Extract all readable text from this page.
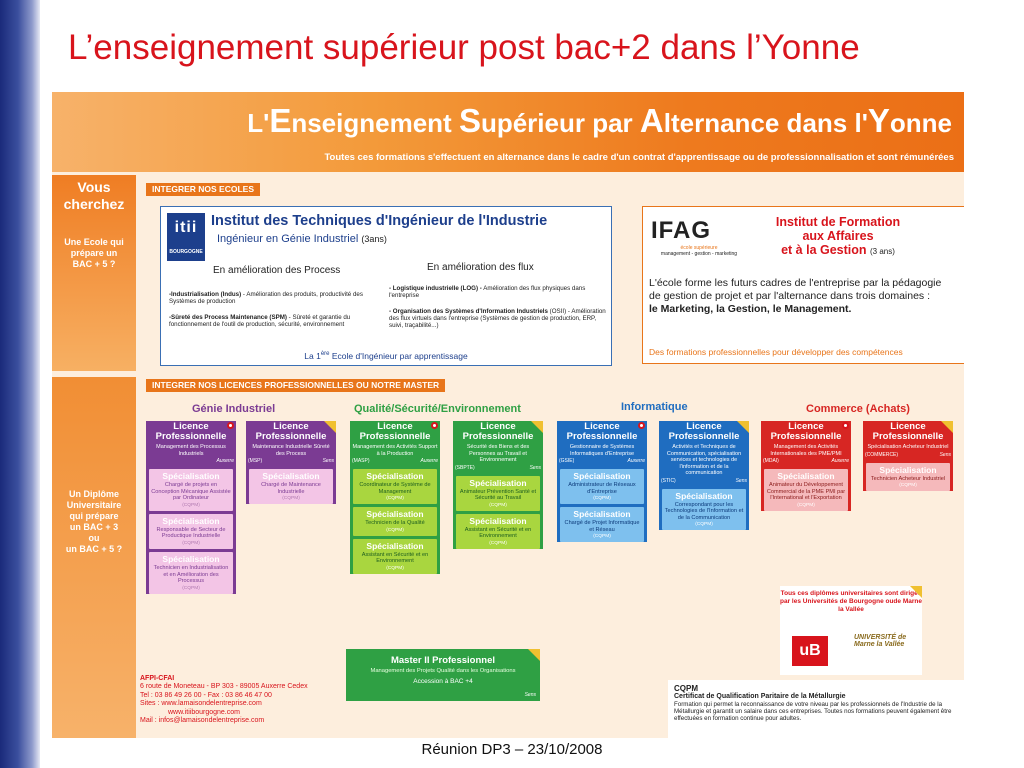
L’enseignement supérieur post bac+2 dans l’Yonne
L'Enseignement Supérieur par Alternance dans l'Yonne
Toutes ces formations s'effectuent en alternance dans le cadre d'un contrat d'apprentissage ou de professionnalisation et sont rémunérées
Vous
cherchez
Une Ecole qui prépare un BAC + 5 ?
Un Diplôme
Universitaire
qui prépare
un BAC + 3
ou
un BAC + 5 ?
INTEGRER NOS ECOLES
itii
BOURGOGNE
Institut des Techniques d'Ingénieur de l'Industrie
Ingénieur en Génie Industriel (3ans)
En amélioration des Process	En amélioration des flux
-Industrialisation (Indus) - Amélioration des produits, productivité des Systèmes de production
-Sûreté des Process Maintenance (SPM) - Sûreté et garantie du fonctionnement de l'outil de production, sécurité, environnement
- Logistique industrielle (LOG) - Amélioration des flux physiques dans l'entreprise
- Organisation des Systèmes d'Information Industriels (OSII) - Amélioration des flux virtuels dans l'entreprise (Systèmes de gestion de production, ERP, suivi, traçabilité...)
La 1ère Ecole d'Ingénieur par apprentissage
IFAG
école supérieure
management - gestion - marketing
Institut de Formation
aux Affaires
et à la Gestion (3 ans)
L'école forme les futurs cadres de l'entreprise par la pédagogie de gestion de projet et par l'alternance dans trois domaines :
le Marketing, la Gestion, le Management.
Des formations professionnelles pour développer des compétences
INTEGRER NOS LICENCES PROFESSIONNELLES OU NOTRE MASTER
Génie Industriel	Qualité/Sécurité/Environnement	Informatique	Commerce (Achats)
Licence Professionnelle
Management des Processus Industriels
Auxerre
Spécialisation
Chargé de projets en Conception Mécanique Assistée par Ordinateur
(CQPM)
Spécialisation
Responsable de Secteur de Productique Industrielle
(CQPM)
Spécialisation
Technicien en Industrialisation et en Amélioration des Processus
(CQPM)
Licence Professionnelle
Maintenance Industrielle Sûreté des Process
(MSP)	Sens
Spécialisation
Chargé de Maintenance Industrielle
(CQPM)
Licence Professionnelle
Management des Activités Support à la Production
(MASP)	Auxerre
Spécialisation
Coordinateur de Système de Management
(CQPM)
Spécialisation
Technicien de la Qualité
(CQPM)
Spécialisation
Assistant en Sécurité et en Environnement
(CQPM)
Licence Professionnelle
Sécurité des Biens et des Personnes au Travail et Environnement
(SBPTE)	Sens
Spécialisation
Animateur Prévention Santé et Sécurité au Travail
(CQPM)
Spécialisation
Assistant en Sécurité et en Environnement
(CQPM)
Licence Professionnelle
Gestionnaire de Systèmes Informatiques d'Entreprise
(GSIE)	Auxerre
Spécialisation
Administrateur de Réseaux d'Entreprise
(CQPM)
Spécialisation
Chargé de Projet Informatique et Réseau
(CQPM)
Licence Professionnelle
Activités et Techniques de Communication, spécialisation services et technologies de l'information et de la communication
(STIC)	Sens
Spécialisation
Correspondant pour les Technologies de l'Information et de la Communication
(CQPM)
Licence Professionnelle
Management des Activités Internationales des PME/PMI
(MDAI)	Auxerre
Spécialisation
Animateur du Développement Commercial de la PME PMI par l'International et l'Exportation
(CQPM)
Licence Professionnelle
Spécialisation Acheteur Industriel
(COMMERCE)	Sens
Spécialisation
Technicien Acheteur Industriel
(CQPM)
Master II Professionnel
Management des Projets Qualité dans les Organisations
Accession à BAC +4
Sens
Tous ces diplômes universitaires sont dirigés par les Universités de Bourgogne oude Marne la Vallée
uB
UNIVERSITÉ de Marne la Vallée
AFPI-CFAI
6 route de Moneteau - BP 303 - 89005 Auxerre Cedex
Tel : 03 86 49 26 00 - Fax : 03 86 46 47 00
Sites : www.lamaisondelentreprise.com
www.itiibourgogne.com
Mail : infos@lamaisondelentreprise.com
CQPM
Certificat de Qualification Paritaire de la Métallurgie
Formation qui permet la reconnaissance de votre niveau par les professionnels de l'Industrie de la Métallurgie et garantit un salaire dans ces entreprises. Toutes nos formations peuvent également être effectuées en formation continue pour adultes.
Réunion DP3 – 23/10/2008
